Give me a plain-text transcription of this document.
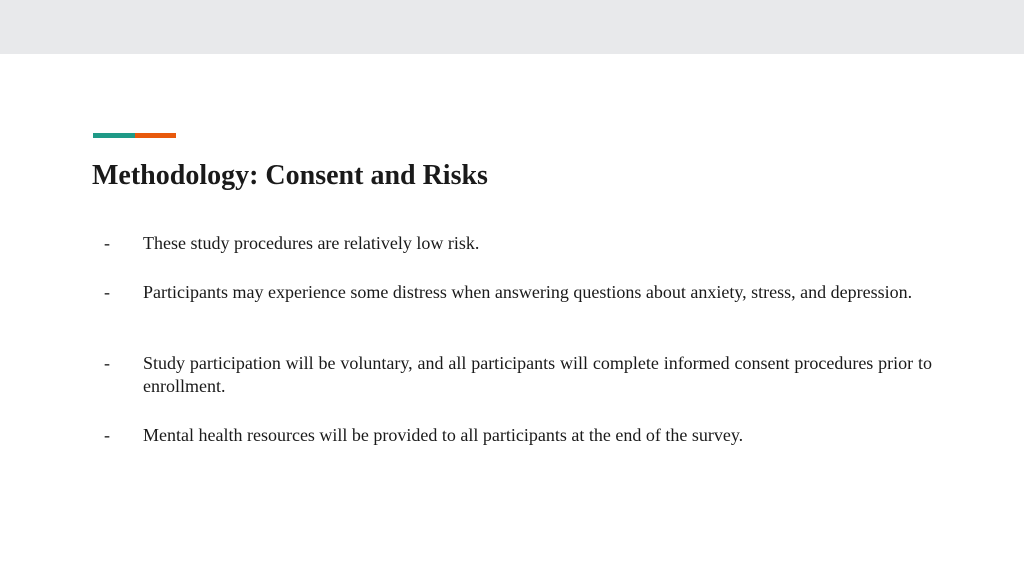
Methodology: Consent and Risks
- These study procedures are relatively low risk.
- Participants may experience some distress when answering questions about anxiety, stress, and depression.
- Study participation will be voluntary, and all participants will complete informed consent procedures prior to enrollment.
- Mental health resources will be provided to all participants at the end of the survey.
